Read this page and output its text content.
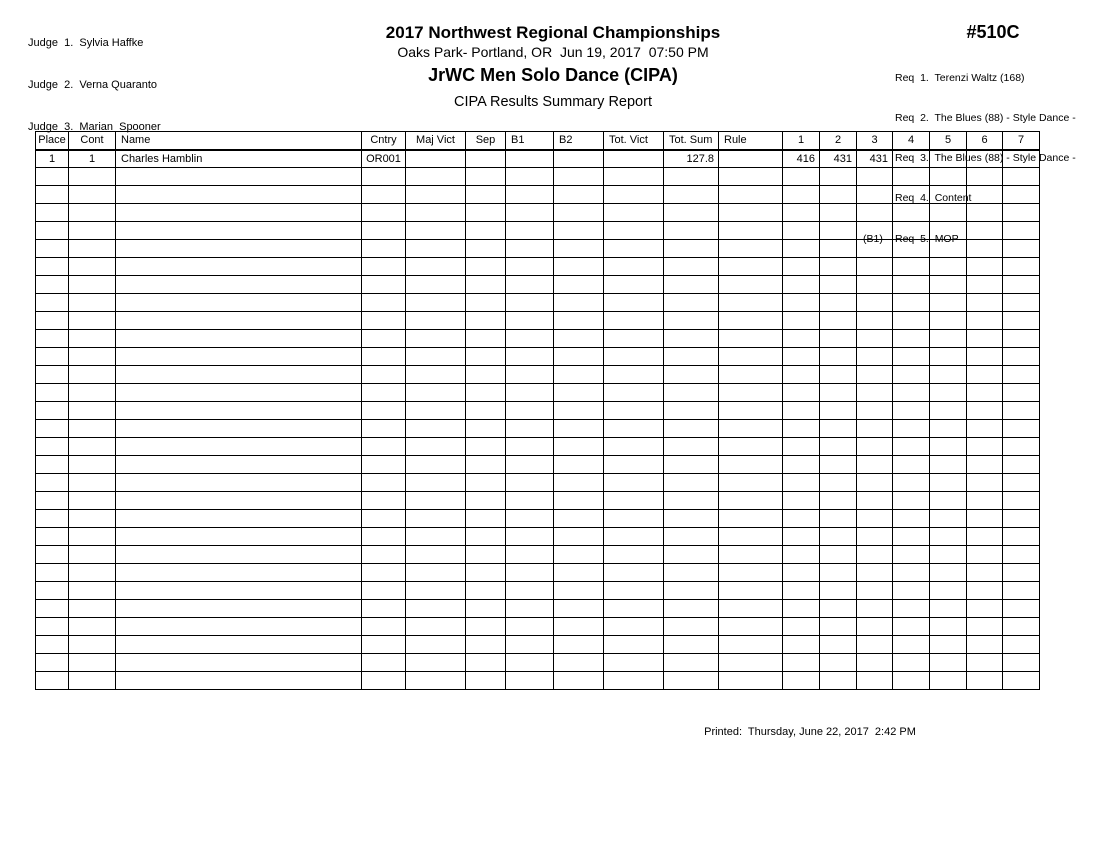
Judge  1.  Sylvia Haffke

Judge  2.  Verna Quaranto

Judge  3.  Marian  Spooner

2017 Northwest Regional Championships
Oaks Park- Portland, OR  Jun 19, 2017  07:50 PM
JrWC Men Solo Dance (CIPA)
CIPA Results Summary Report
#510C

Req  1.  Terenzi Waltz (168)

Req  2.  The Blues (88) - Style Dance -

Req  3.  The Blues (88) - Style Dance -

Req  4.  Content

(B1)	Req  5.  MOP

Place	Cont	Name	Cntry	Maj Vict	Sep	B1	B2	Tot. Vict	Tot. Sum	Rule	1	2	3	4	5	6	7
1	1	Charles Hamblin	OR001						127.8		416	431	431				

Printed:  Thursday, June 22, 2017  2:42 PM
